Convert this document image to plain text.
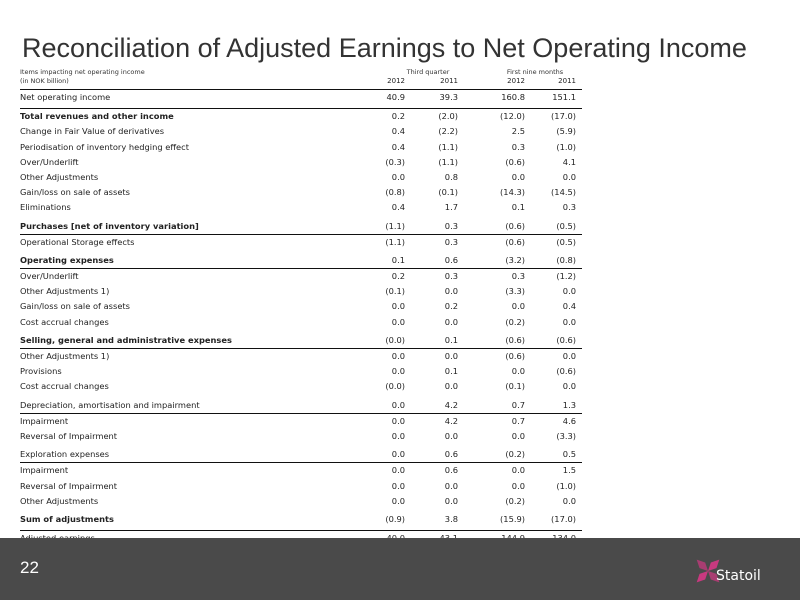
Reconciliation of Adjusted Earnings to Net Operating Income
Items impacting net operating income
(in NOK billion)
Third quarter	First nine months
2012	2011	2012	2011
Net operating income	40.9	39.3	160.8	151.1
Total revenues and other income	0.2	(2.0)	(12.0)	(17.0)
Change in Fair Value of derivatives	0.4	(2.2)	2.5	(5.9)
Periodisation of inventory hedging effect	0.4	(1.1)	0.3	(1.0)
Over/Underlift	(0.3)	(1.1)	(0.6)	4.1
Other Adjustments	0.0	0.8	0.0	0.0
Gain/loss on sale of assets	(0.8)	(0.1)	(14.3)	(14.5)
Eliminations	0.4	1.7	0.1	0.3
Purchases [net of inventory variation]	(1.1)	0.3	(0.6)	(0.5)
Operational Storage effects	(1.1)	0.3	(0.6)	(0.5)
Operating expenses	0.1	0.6	(3.2)	(0.8)
Over/Underlift	0.2	0.3	0.3	(1.2)
Other Adjustments 1)	(0.1)	0.0	(3.3)	0.0
Gain/loss on sale of assets	0.0	0.2	0.0	0.4
Cost accrual changes	0.0	0.0	(0.2)	0.0
Selling, general and administrative expenses	(0.0)	0.1	(0.6)	(0.6)
Other Adjustments 1)	0.0	0.0	(0.6)	0.0
Provisions	0.0	0.1	0.0	(0.6)
Cost accrual changes	(0.0)	0.0	(0.1)	0.0
Depreciation, amortisation and impairment	0.0	4.2	0.7	1.3
Impairment	0.0	4.2	0.7	4.6
Reversal of Impairment	0.0	0.0	0.0	(3.3)
Exploration expenses	0.0	0.6	(0.2)	0.5
Impairment	0.0	0.6	0.0	1.5
Reversal of Impairment	0.0	0.0	0.0	(1.0)
Other Adjustments	0.0	0.0	(0.2)	0.0
Sum of adjustments	(0.9)	3.8	(15.9)	(17.0)
22	Statoil
